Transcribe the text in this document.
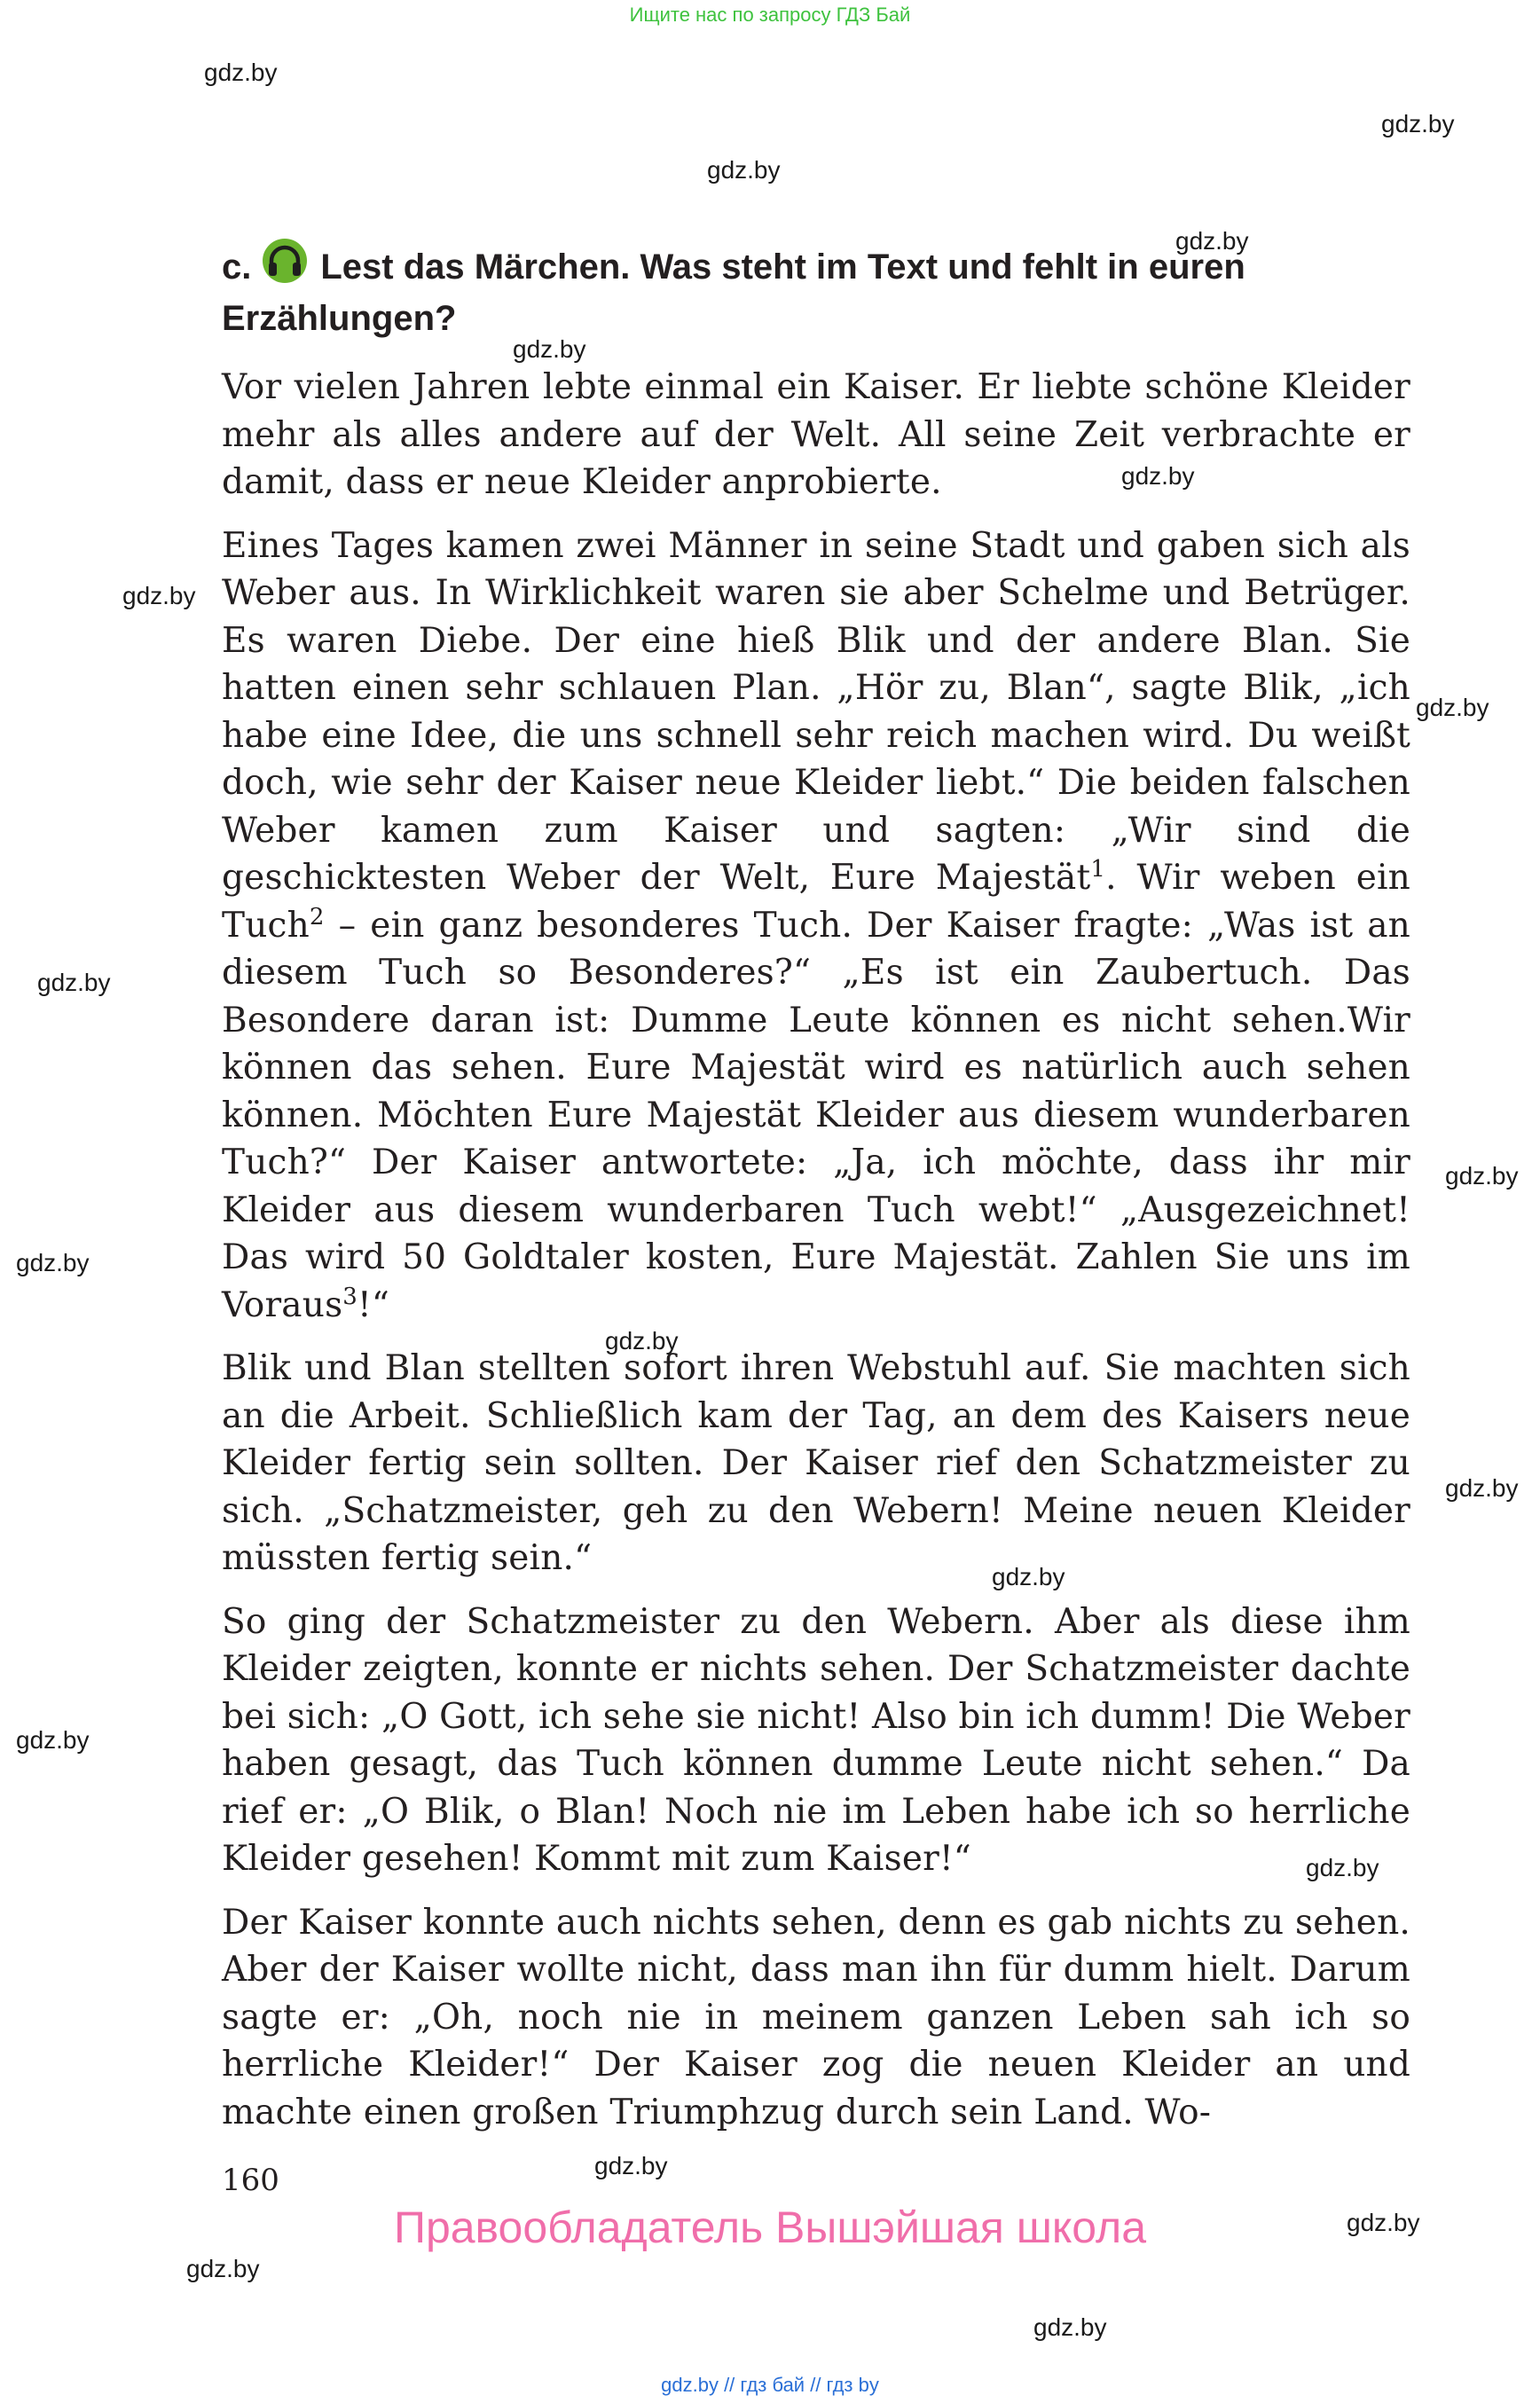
Ищите нас по запросу ГДЗ Бай
gdz.by
gdz.by
gdz.by
gdz.by
gdz.by
gdz.by
gdz.by
gdz.by
gdz.by
gdz.by
gdz.by
gdz.by
gdz.by
gdz.by
gdz.by
gdz.by
gdz.by
gdz.by
gdz.by
gdz.by
c. Lest das Märchen. Was steht im Text und fehlt in euren Erzählungen?

Vor vielen Jahren lebte einmal ein Kaiser. Er liebte schöne Kleider mehr als alles andere auf der Welt. All seine Zeit verbrachte er damit, dass er neue Kleider anprobierte.

Eines Tages kamen zwei Männer in seine Stadt und gaben sich als Weber aus. In Wirklichkeit waren sie aber Schelme und Betrüger. Es waren Diebe. Der eine hieß Blik und der andere Blan. Sie hatten einen sehr schlauen Plan. „Hör zu, Blan“, sagte Blik, „ich habe eine Idee, die uns schnell sehr reich machen wird. Du weißt doch, wie sehr der Kaiser neue Kleider liebt.“ Die beiden falschen Weber kamen zum Kaiser und sagten: „Wir sind die geschicktesten Weber der Welt, Eure Majestät$^1$. Wir weben ein Tuch$^2$ – ein ganz besonderes Tuch. Der Kaiser fragte: „Was ist an diesem Tuch so Besonderes?“ „Es ist ein Zaubertuch. Das Besondere daran ist: Dumme Leute können es nicht sehen.Wir können das sehen. Eure Majestät wird es natürlich auch sehen können. Möchten Eure Majestät Kleider aus diesem wunderbaren Tuch?“ Der Kaiser antwortete: „Ja, ich möchte, dass ihr mir Kleider aus diesem wunderbaren Tuch webt!“ „Ausgezeichnet! Das wird 50 Goldtaler kosten, Eure Majestät. Zahlen Sie uns im Voraus$^3$!“

Blik und Blan stellten sofort ihren Webstuhl auf. Sie machten sich an die Arbeit. Schließlich kam der Tag, an dem des Kaisers neue Kleider fertig sein sollten. Der Kaiser rief den Schatzmeister zu sich. „Schatzmeister, geh zu den Webern! Meine neuen Kleider müssten fertig sein.“

So ging der Schatzmeister zu den Webern. Aber als diese ihm Kleider zeigten, konnte er nichts sehen. Der Schatzmeister dachte bei sich: „O Gott, ich sehe sie nicht! Also bin ich dumm! Die Weber haben gesagt, das Tuch können dumme Leute nicht sehen.“ Da rief er: „O Blik, o Blan! Noch nie im Leben habe ich so herrliche Kleider gesehen! Kommt mit zum Kaiser!“

Der Kaiser konnte auch nichts sehen, denn es gab nichts zu sehen. Aber der Kaiser wollte nicht, dass man ihn für dumm hielt. Darum sagte er: „Oh, noch nie in meinem ganzen Leben sah ich so herrliche Kleider!“ Der Kaiser zog die neuen Kleider an und machte einen großen Triumphzug durch sein Land. Wo-

160
Правообладатель Вышэйшая школа
gdz.by // гдз бай // гдз by
